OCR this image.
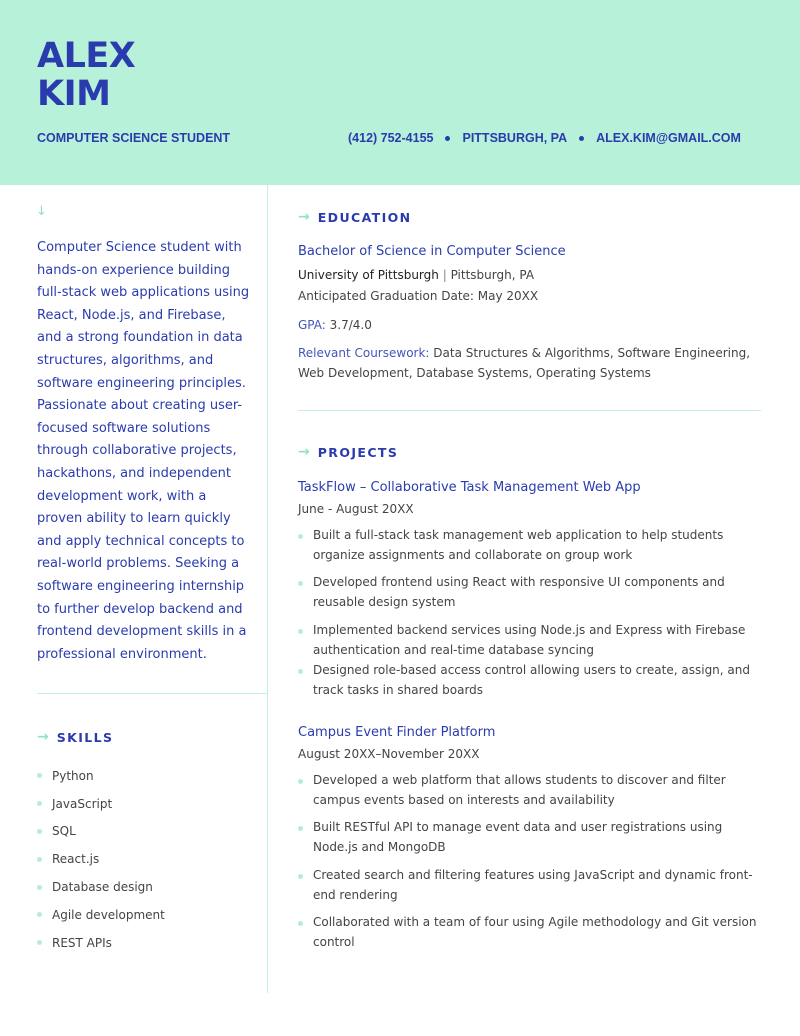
ALEX
KIM
COMPUTER SCIENCE STUDENT	(412) 752-4155 PITTSBURGH, PA ALEX.KIM@GMAIL.COM
↓

Computer Science student with hands-on experience building full-stack web applications using React, Node.js, and Firebase, and a strong foundation in data structures, algorithms, and software engineering principles. Passionate about creating user-focused software solutions through collaborative projects, hackathons, and independent development work, with a proven ability to learn quickly and apply technical concepts to real-world problems. Seeking a software engineering internship to further develop backend and frontend development skills in a professional environment.

→ SKILLS
Python
JavaScript
SQL
React.js
Database design
Agile development
REST APIs
→ EDUCATION
Bachelor of Science in Computer Science
University of Pittsburgh | Pittsburgh, PA
Anticipated Graduation Date: May 20XX
GPA: 3.7/4.0
Relevant Coursework: Data Structures & Algorithms, Software Engineering, Web Development, Database Systems, Operating Systems
→ PROJECTS
TaskFlow – Collaborative Task Management Web App
June - August 20XX
Built a full-stack task management web application to help students organize assignments and collaborate on group work
Developed frontend using React with responsive UI components and reusable design system
Implemented backend services using Node.js and Express with Firebase authentication and real-time database syncing
Designed role-based access control allowing users to create, assign, and track tasks in shared boards
Campus Event Finder Platform
August 20XX–November 20XX
Developed a web platform that allows students to discover and filter campus events based on interests and availability
Built RESTful API to manage event data and user registrations using Node.js and MongoDB
Created search and filtering features using JavaScript and dynamic front-end rendering
Collaborated with a team of four using Agile methodology and Git version control
